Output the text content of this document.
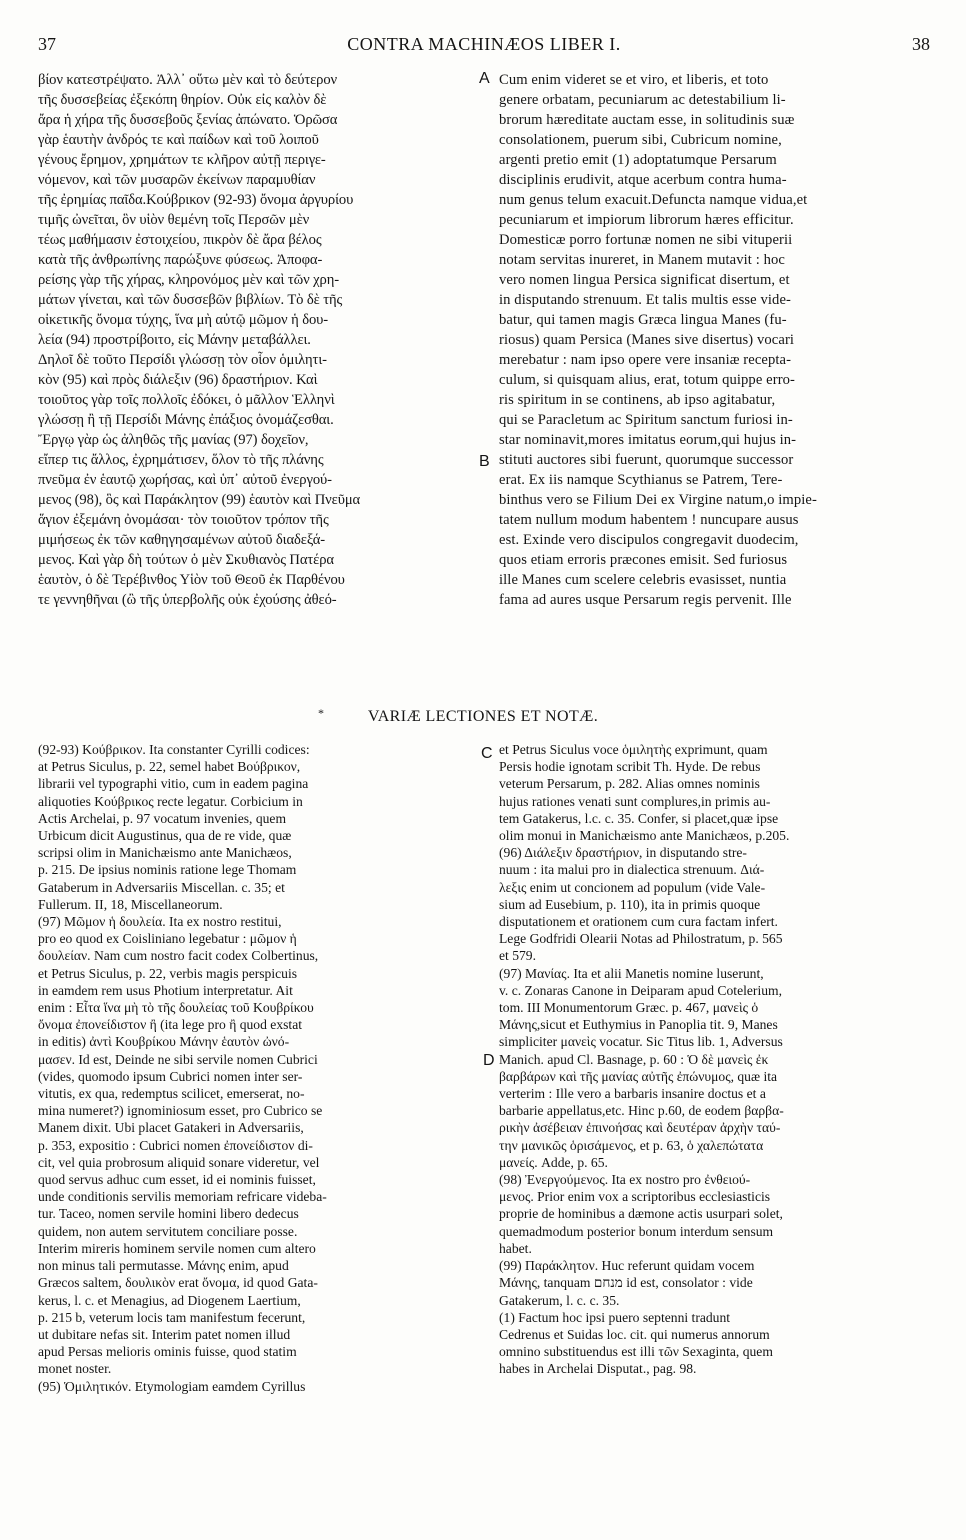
37	CONTRA MACHINÆOS LIBER I.	38
A
B
C
D
βίον κατεστρέψατο. Ἀλλ᾽ οὕτω μὲν καὶ τὸ δεύτερον
τῆς δυσσεβείας ἐξεκόπη θηρίον. Οὐκ εἰς καλὸν δὲ
ἄρα ἡ χήρα τῆς δυσσεβοῦς ξενίας ἀπώνατο. Ὁρῶσα
γὰρ ἑαυτὴν ἀνδρός τε καὶ παίδων καὶ τοῦ λοιποῦ
γένους ἔρημον, χρημάτων τε κλῆρον αὐτῇ περιγε-
νόμενον, καὶ τῶν μυσαρῶν ἐκείνων παραμυθίαν
τῆς ἐρημίας παῖδα.Κούβρικον (92-93) ὄνομα ἀργυρίου
τιμῆς ὠνεῖται, ὃν υἱὸν θεμένη τοῖς Περσῶν μὲν
τέως μαθήμασιν ἐστοιχείου, πικρὸν δὲ ἄρα βέλος
κατὰ τῆς ἀνθρωπίνης παρώξυνε φύσεως. Ἀποφα-
ρείσης γὰρ τῆς χήρας, κληρονόμος μὲν καὶ τῶν χρη-
μάτων γίνεται, καὶ τῶν δυσσεβῶν βιβλίων. Τὸ δὲ τῆς
οἰκετικῆς ὄνομα τύχης, ἵνα μὴ αὐτῷ μῶμον ἡ δου-
λεία (94) προστρίβοιτο, εἰς Μάνην μεταβάλλει.
Δηλοῖ δὲ τοῦτο Περσίδι γλώσσῃ τὸν οἷον ὁμιλητι-
κὸν (95) καὶ πρὸς διάλεξιν (96) δραστήριον. Καὶ
τοιοῦτος γὰρ τοῖς πολλοῖς ἐδόκει, ὁ μᾶλλον Ἑλληνὶ
γλώσσῃ ἢ τῇ Περσίδι Μάνης ἐπάξιος ὀνομάζεσθαι.
Ἔργῳ γὰρ ὡς ἀληθῶς τῆς μανίας (97) δοχεῖον,
εἴπερ τις ἄλλος, ἐχρημάτισεν, ὅλον τὸ τῆς πλάνης
πνεῦμα ἐν ἑαυτῷ χωρήσας, καὶ ὑπ᾽ αὐτοῦ ἐνεργού-
μενος (98), ὃς καὶ Παράκλητον (99) ἑαυτὸν καὶ Πνεῦμα
ἅγιον ἐξεμάνη ὀνομάσαι· τὸν τοιοῦτον τρόπον τῆς
μιμήσεως ἐκ τῶν καθηγησαμένων αὐτοῦ διαδεξά-
μενος. Καὶ γὰρ δὴ τούτων ὁ μὲν Σκυθιανὸς Πατέρα
ἑαυτὸν, ὁ δὲ Τερέβινθος Υἱὸν τοῦ Θεοῦ ἐκ Παρθένου
τε γεννηθῆναι (ὢ τῆς ὑπερβολῆς οὐκ ἐχούσης ἀθεό-
Cum enim videret se et viro, et liberis, et toto
genere orbatam, pecuniarum ac detestabilium li-
brorum hæreditate auctam esse, in solitudinis suæ
consolationem, puerum sibi, Cubricum nomine,
argenti pretio emit (1) adoptatumque Persarum
disciplinis erudivit, atque acerbum contra huma-
num genus telum exacuit.Defuncta namque vidua,et
pecuniarum et impiorum librorum hæres efficitur.
Domesticæ porro fortunæ nomen ne sibi vituperii
notam servitas inureret, in Manem mutavit : hoc
vero nomen lingua Persica significat disertum, et
in disputando strenuum. Et talis multis esse vide-
batur, qui tamen magis Græca lingua Manes (fu-
riosus) quam Persica (Manes sive disertus) vocari
merebatur : nam ipso opere vere insaniæ recepta-
culum, si quisquam alius, erat, totum quippe erro-
ris spiritum in se continens, ab ipso agitabatur,
qui se Paracletum ac Spiritum sanctum furiosi in-
star nominavit,mores imitatus eorum,qui hujus in-
stituti auctores sibi fuerunt, quorumque successor
erat. Ex iis namque Scythianus se Patrem, Tere-
binthus vero se Filium Dei ex Virgine natum,o impie-
tatem nullum modum habentem ! nuncupare ausus
est. Exinde vero discipulos congregavit duodecim,
quos etiam erroris præcones emisit. Sed furiosus
ille Manes cum scelere celebris evasisset, nuntia
fama ad aures usque Persarum regis pervenit. Ille
*	VARIÆ LECTIONES ET NOTÆ.
(92-93) Κούβρικον. Ita constanter Cyrilli codices:
at Petrus Siculus, p. 22, semel habet Βούβρικον,
librarii vel typographi vitio, cum in eadem pagina
aliquoties Κούβρικος recte legatur. Corbicium in
Actis Archelai, p. 97 vocatum invenies, quem
Urbicum dicit Augustinus, qua de re vide, quæ
scripsi olim in Manichæismo ante Manichæos,
p. 215. De ipsius nominis ratione lege Thomam
Gataberum in Adversariis Miscellan. c. 35; et
Fullerum. II, 18, Miscellaneorum.
(97) Μῶμον ἡ δουλεία. Ita ex nostro restitui,
pro eo quod ex Coisliniano legebatur : μῶμον ἡ
δουλείαν. Nam cum nostro facit codex Colbertinus,
et Petrus Siculus, p. 22, verbis magis perspicuis
in eamdem rem usus Photium interpretatur. Ait
enim : Εἶτα ἵνα μὴ τὸ τῆς δουλείας τοῦ Κουβρίκου
ὄνομα ἐπονείδιστον ἢ (ita lege pro ἢ quod exstat
in editis) ἀντὶ Κουβρίκου Μάνην ἑαυτὸν ὠνό-
μασεν. Id est, Deinde ne sibi servile nomen Cubrici
(vides, quomodo ipsum Cubrici nomen inter ser-
vitutis, ex qua, redemptus scilicet, emerserat, no-
mina numeret?) ignominiosum esset, pro Cubrico se
Manem dixit. Ubi placet Gatakeri in Adversariis,
p. 353, expositio : Cubrici nomen ἐπονείδιστον di-
cit, vel quia probrosum aliquid sonare videretur, vel
quod servus adhuc cum esset, id ei nominis fuisset,
unde conditionis servilis memoriam refricare videba-
tur. Taceo, nomen servile homini libero dedecus
quidem, non autem servitutem conciliare posse.
Interim mireris hominem servile nomen cum altero
non minus tali permutasse. Μάνης enim, apud
Græcos saltem, δουλικὸν erat ὄνομα, id quod Gata-
kerus, l. c. et Menagius, ad Diogenem Laertium,
p. 215 b, veterum locis tam manifestum fecerunt,
ut dubitare nefas sit. Interim patet nomen illud
apud Persas melioris ominis fuisse, quod statim
monet noster.
(95) Ὁμιλητικόν. Etymologiam eamdem Cyrillus
et Petrus Siculus voce ὁμιλητὴς exprimunt, quam
Persis hodie ignotam scribit Th. Hyde. De rebus
veterum Persarum, p. 282. Alias omnes nominis
hujus rationes venati sunt complures,in primis au-
tem Gatakerus, l.c. c. 35. Confer, si placet,quæ ipse
olim monui in Manichæismo ante Manichæos, p.205.
(96) Διάλεξιν δραστήριον, in disputando stre-
nuum : ita malui pro in dialectica strenuum. Διά-
λεξις enim ut concionem ad populum (vide Vale-
sium ad Eusebium, p. 110), ita in primis quoque
disputationem et orationem cum cura factam infert.
Lege Godfridi Olearii Notas ad Philostratum, p. 565
et 579.
(97) Μανίας. Ita et alii Manetis nomine luserunt,
v. c. Zonaras Canone in Deiparam apud Cotelerium,
tom. III Monumentorum Græc. p. 467, μανεὶς ὁ
Μάνης,sicut et Euthymius in Panoplia tit. 9, Manes
simpliciter μανεὶς vocatur. Sic Titus lib. 1, Adversus
Manich. apud Cl. Basnage, p. 60 : Ὁ δὲ μανεὶς ἐκ
βαρβάρων καὶ τῆς μανίας αὐτῆς ἐπώνυμος, quæ ita
verterim : Ille vero a barbaris insanire doctus et a
barbarie appellatus,etc. Hinc p.60, de eodem βαρβα-
ρικὴν ἀσέβειαν ἐπινοήσας καὶ δευτέραν ἀρχὴν ταύ-
την μανικῶς ὁρισάμενος, et p. 63, ὁ χαλεπώτατα
μανείς. Adde, p. 65.
(98) Ἐνεργούμενος. Ita ex nostro pro ἐνθειού-
μενος. Prior enim vox a scriptoribus ecclesiasticis
proprie de hominibus a dæmone actis usurpari solet,
quemadmodum posterior bonum interdum sensum
habet.
(99) Παράκλητον. Huc referunt quidam vocem
Μάνης, tanquam מנחם id est, consolator : vide
Gatakerum, l. c. c. 35.
(1) Factum hoc ipsi puero septenni tradunt
Cedrenus et Suidas loc. cit. qui numerus annorum
omnino substituendus est illi τῶν Sexaginta, quem
habes in Archelai Disputat., pag. 98.
